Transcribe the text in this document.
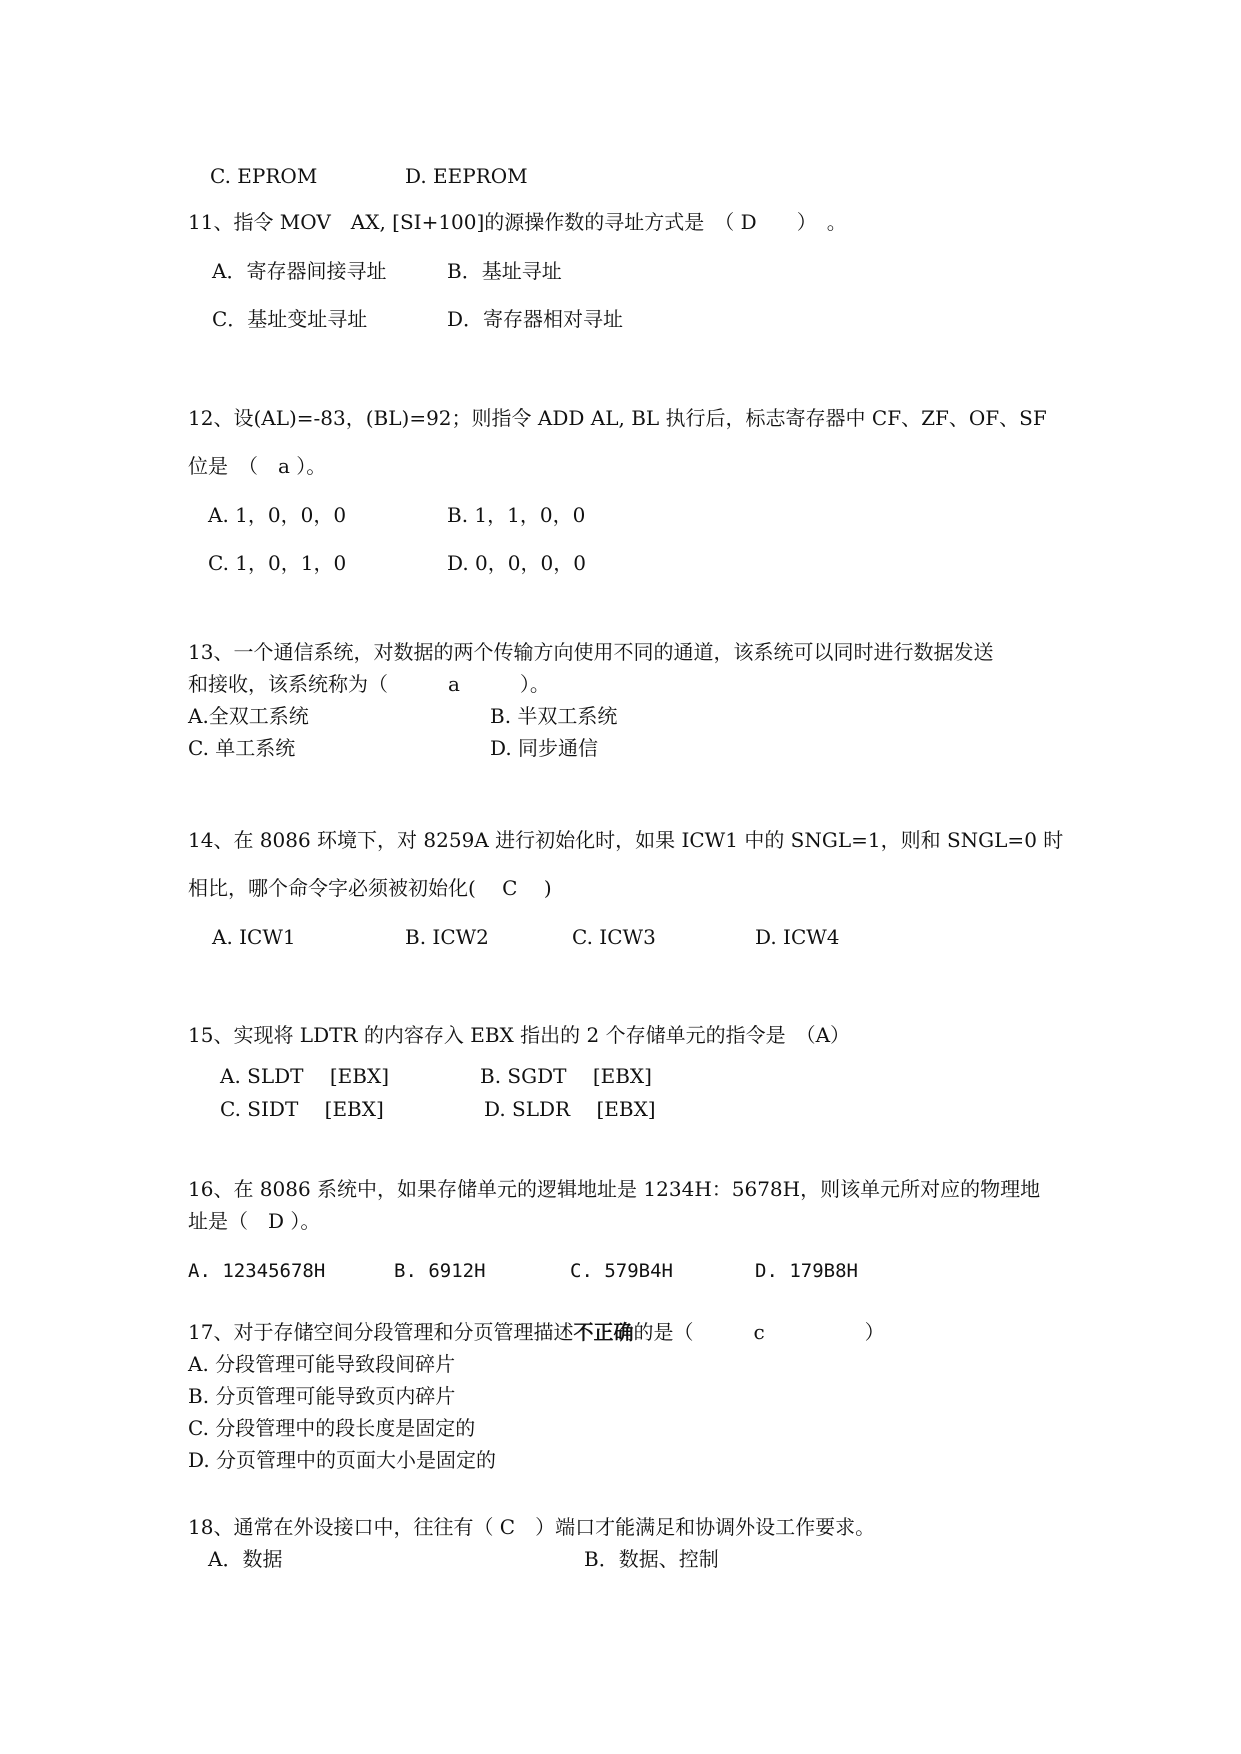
C. EPROM	D. EEPROM
11、指令 MOV　AX, [SI+100]的源操作数的寻址方式是　（ D　　）　。
A．寄存器间接寻址	B．基址寻址
C．基址变址寻址	D．寄存器相对寻址
12、设(AL)=-83，(BL)=92；则指令 ADD AL, BL 执行后，标志寄存器中 CF、ZF、OF、SF
位是　（　a ）。
A. 1，0，0，0	B. 1，1，0，0
C. 1，0，1，0	D. 0，0，0，0
13、一个通信系统，对数据的两个传输方向使用不同的通道，该系统可以同时进行数据发送
和接收，该系统称为（　　　a　　　）。
A.全双工系统	B. 半双工系统
C. 单工系统	D. 同步通信
14、在 8086 环境下，对 8259A 进行初始化时，如果 ICW1 中的 SNGL=1，则和 SNGL=0 时
相比，哪个命令字必须被初始化(　 C　 )
A. ICW1	B. ICW2	C. ICW3	D. ICW4
15、实现将 LDTR 的内容存入 EBX 指出的 2 个存储单元的指令是　（A）
A. SLDT　 [EBX]	B. SGDT　 [EBX]
C. SIDT　 [EBX]	D. SLDR　 [EBX]
16、在 8086 系统中，如果存储单元的逻辑地址是 1234H：5678H，则该单元所对应的物理地
址是（　D ）。
A. 12345678H	B. 6912H	C. 579B4H	D. 179B8H
17、对于存储空间分段管理和分页管理描述不正确的是（　　　c　　　　　）
A. 分段管理可能导致段间碎片
B. 分页管理可能导致页内碎片
C. 分段管理中的段长度是固定的
D. 分页管理中的页面大小是固定的
18、通常在外设接口中，往往有（ C　）端口才能满足和协调外设工作要求。
A．数据	B．数据、控制
